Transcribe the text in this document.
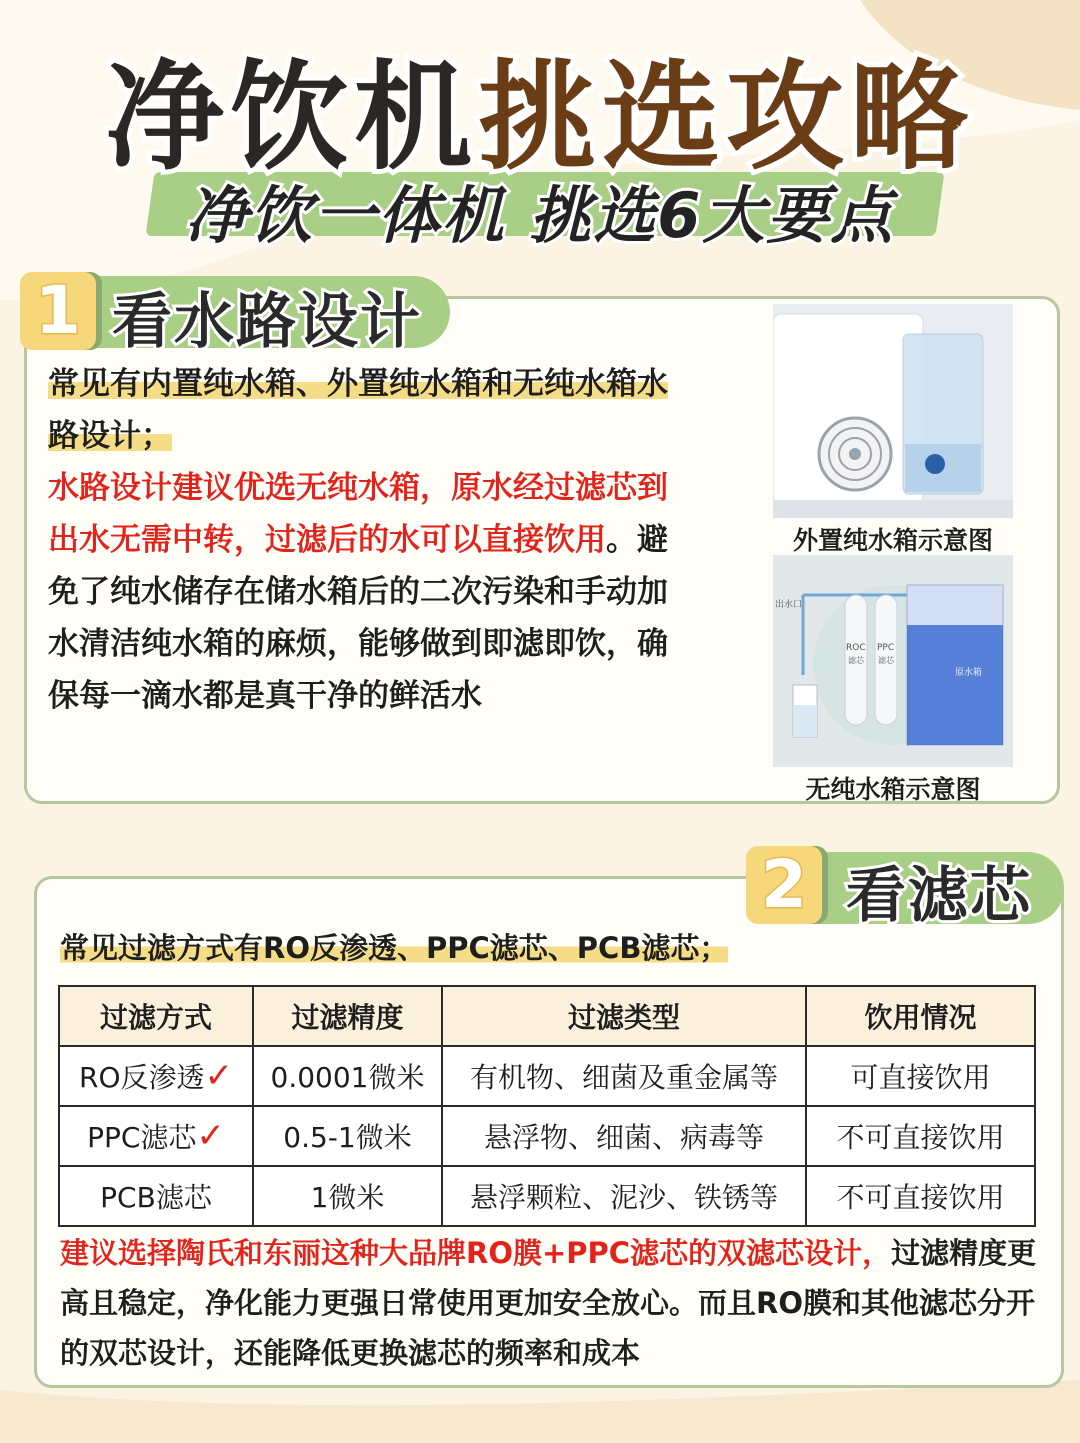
净饮机挑选攻略
净饮一体机 挑选6大要点
1 看水路设计
常见有内置纯水箱、外置纯水箱和无纯水箱水路设计；
水路设计建议优选无纯水箱，原水经过滤芯到出水无需中转，过滤后的水可以直接饮用。避免了纯水储存在储水箱后的二次污染和手动加水清洁纯水箱的麻烦，能够做到即滤即饮，确保每一滴水都是真干净的鲜活水
外置纯水箱示意图
出水口
ROC
滤芯
PPC
滤芯
原水箱
无纯水箱示意图
2 看滤芯
常见过滤方式有RO反渗透、PPC滤芯、PCB滤芯；
过滤方式	过滤精度	过滤类型	饮用情况
RO反渗透✓	0.0001微米	有机物、细菌及重金属等	可直接饮用
PPC滤芯✓	0.5-1微米	悬浮物、细菌、病毒等	不可直接饮用
PCB滤芯	1微米	悬浮颗粒、泥沙、铁锈等	不可直接饮用
建议选择陶氏和东丽这种大品牌RO膜+PPC滤芯的双滤芯设计，过滤精度更高且稳定，净化能力更强日常使用更加安全放心。而且RO膜和其他滤芯分开的双芯设计，还能降低更换滤芯的频率和成本
